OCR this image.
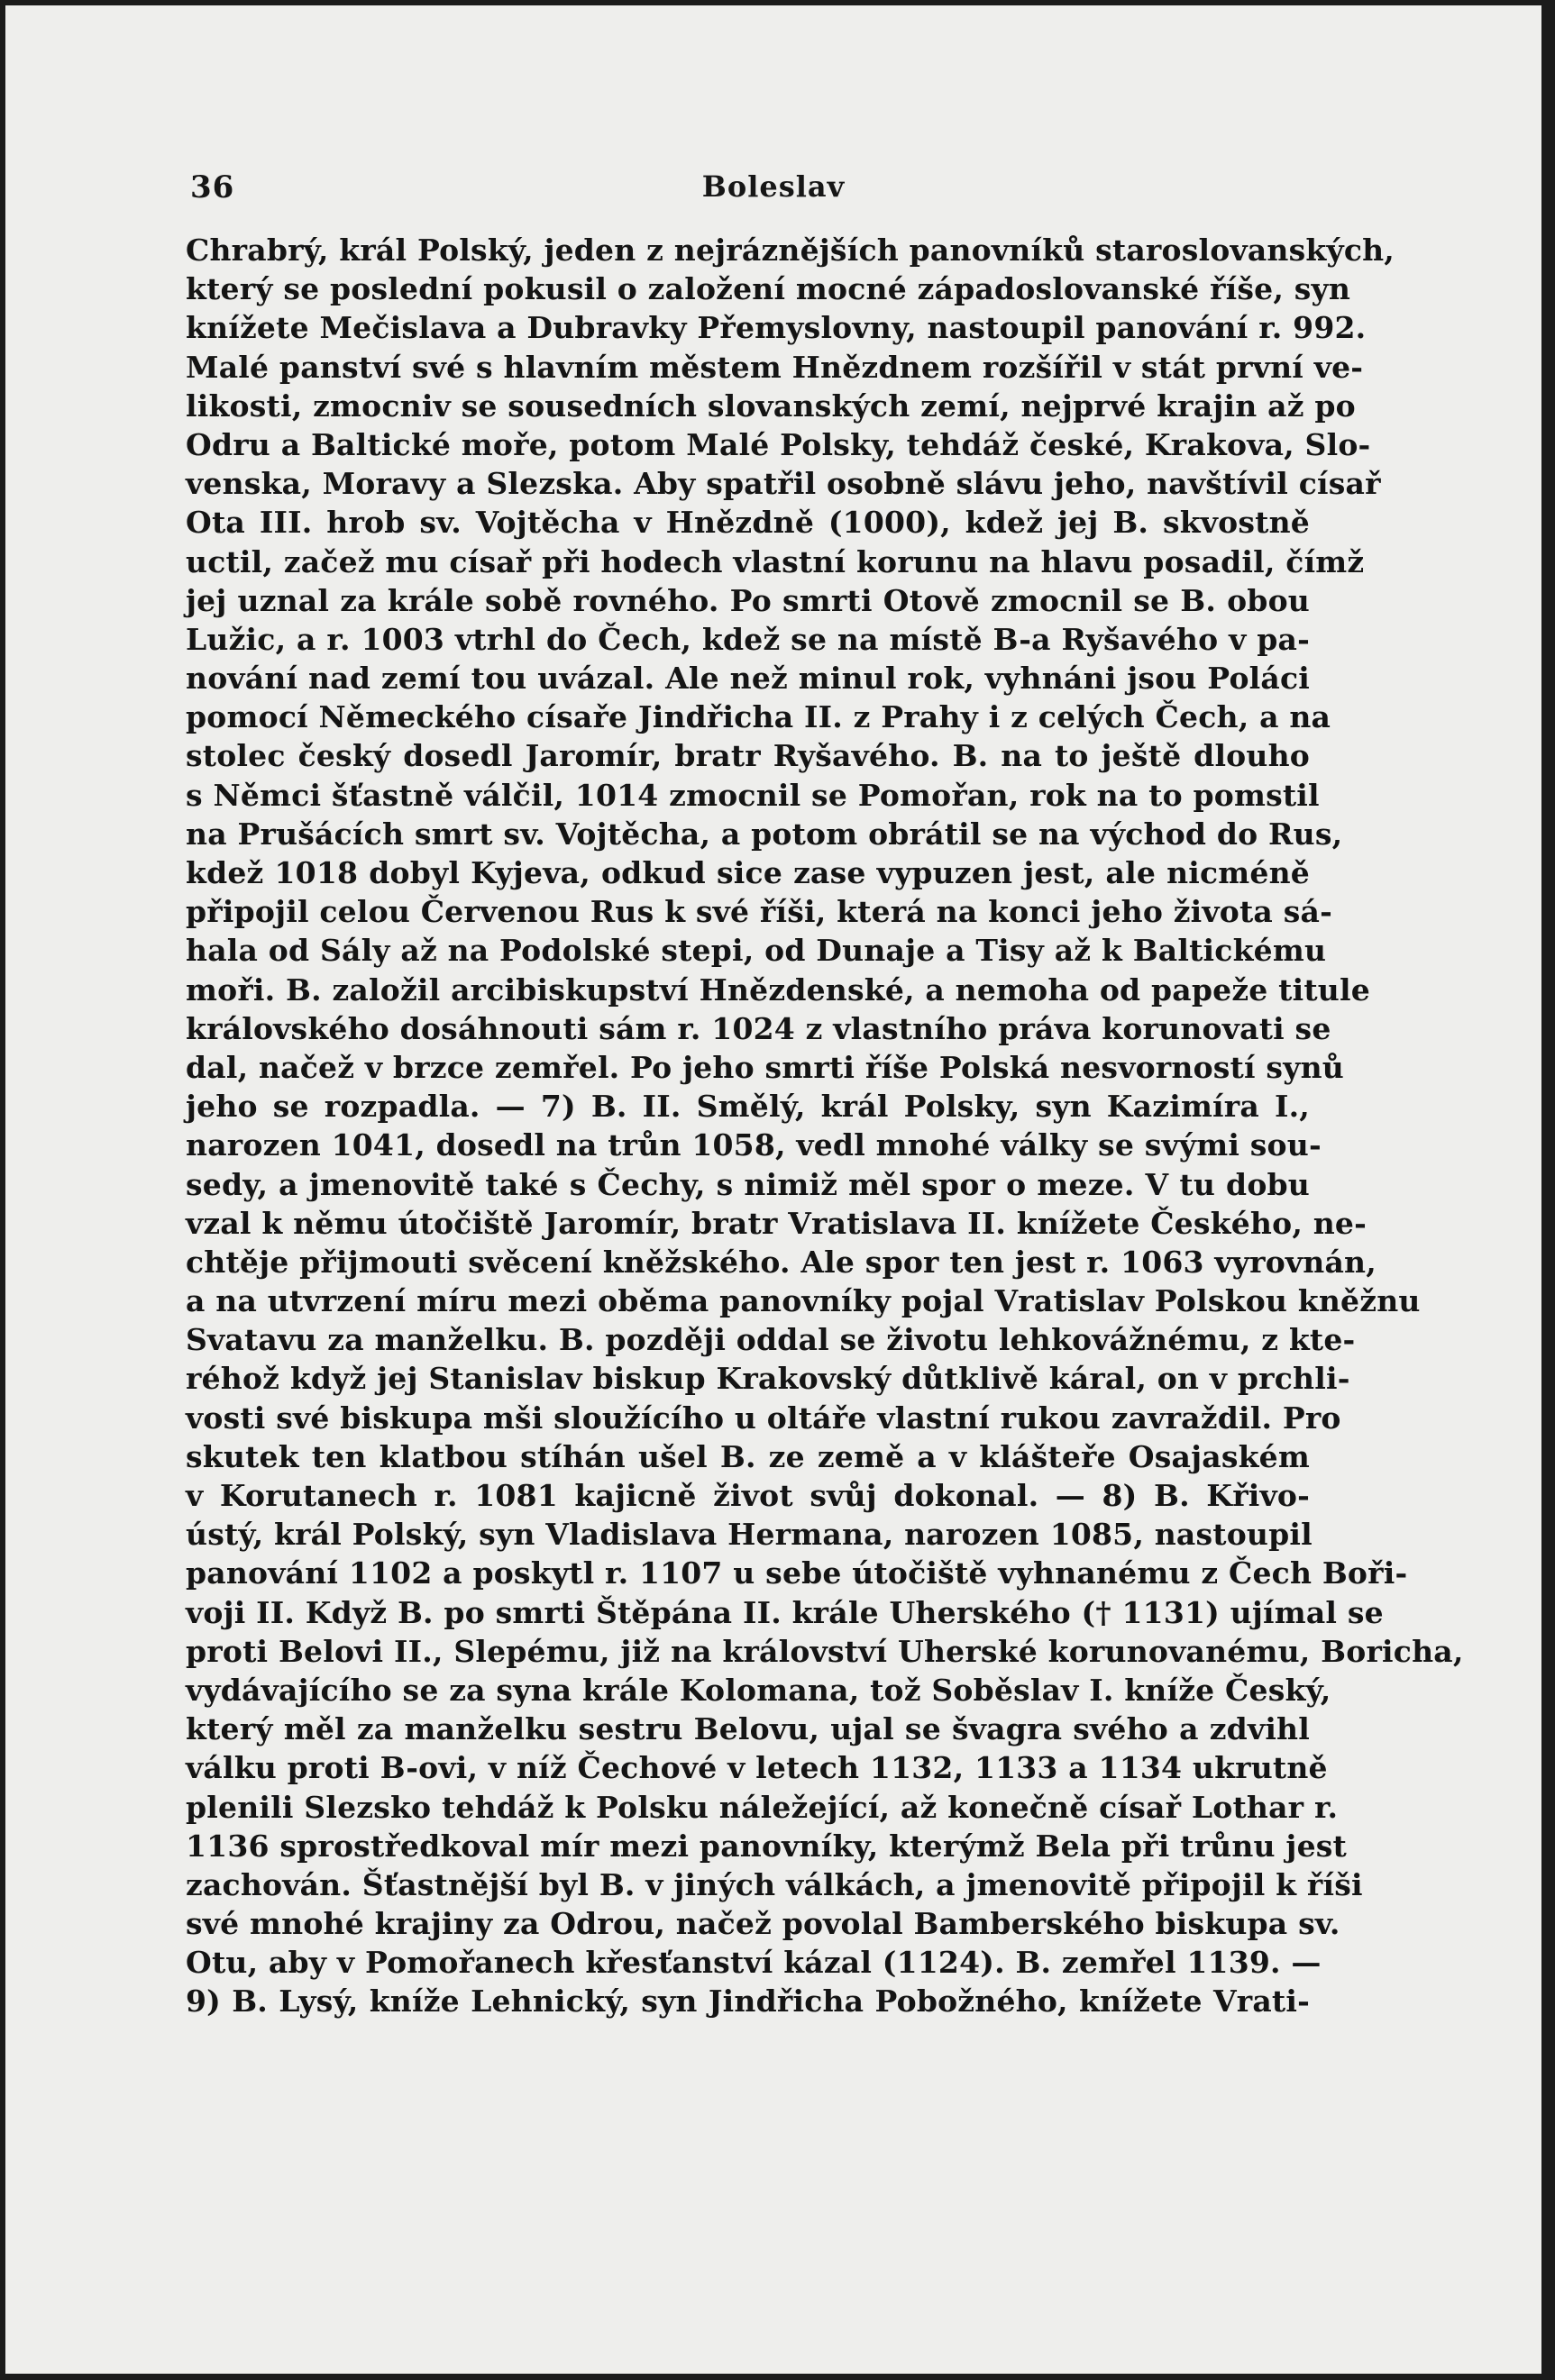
36	Boleslav
Chrabrý, král Polský, jeden z nejráznějších panovníků staroslovanských,
který se poslední pokusil o založení mocné západoslovanské říše, syn
knížete Mečislava a Dubravky Přemyslovny, nastoupil panování r. 992.
Malé panství své s hlavním městem Hnězdnem rozšířil v stát první ve-
likosti, zmocniv se sousedních slovanských zemí, nejprvé krajin až po
Odru a Baltické moře, potom Malé Polsky, tehdáž české, Krakova, Slo-
venska, Moravy a Slezska. Aby spatřil osobně slávu jeho, navštívil císař
Ota III. hrob sv. Vojtěcha v Hnězdně (1000), kdež jej B. skvostně
uctil, začež mu císař při hodech vlastní korunu na hlavu posadil, čímž
jej uznal za krále sobě rovného. Po smrti Otově zmocnil se B. obou
Lužic, a r. 1003 vtrhl do Čech, kdež se na místě B-a Ryšavého v pa-
nování nad zemí tou uvázal. Ale než minul rok, vyhnáni jsou Poláci
pomocí Německého císaře Jindřicha II. z Prahy i z celých Čech, a na
stolec český dosedl Jaromír, bratr Ryšavého. B. na to ještě dlouho
s Němci šťastně válčil, 1014 zmocnil se Pomořan, rok na to pomstil
na Prušácích smrt sv. Vojtěcha, a potom obrátil se na východ do Rus,
kdež 1018 dobyl Kyjeva, odkud sice zase vypuzen jest, ale nicméně
připojil celou Červenou Rus k své říši, která na konci jeho života sá-
hala od Sály až na Podolské stepi, od Dunaje a Tisy až k Baltickému
moři. B. založil arcibiskupství Hnězdenské, a nemoha od papeže titule
královského dosáhnouti sám r. 1024 z vlastního práva korunovati se
dal, načež v brzce zemřel. Po jeho smrti říše Polská nesvorností synů
jeho se rozpadla. — 7) B. II. Smělý, král Polsky, syn Kazimíra I.,
narozen 1041, dosedl na trůn 1058, vedl mnohé války se svými sou-
sedy, a jmenovitě také s Čechy, s nimiž měl spor o meze. V tu dobu
vzal k němu útočiště Jaromír, bratr Vratislava II. knížete Českého, ne-
chtěje přijmouti svěcení kněžského. Ale spor ten jest r. 1063 vyrovnán,
a na utvrzení míru mezi oběma panovníky pojal Vratislav Polskou kněžnu
Svatavu za manželku. B. později oddal se životu lehkovážnému, z kte-
réhož když jej Stanislav biskup Krakovský důtklivě káral, on v prchli-
vosti své biskupa mši sloužícího u oltáře vlastní rukou zavraždil. Pro
skutek ten klatbou stíhán ušel B. ze země a v klášteře Osajaském
v Korutanech r. 1081 kajicně život svůj dokonal. — 8) B. Křivo-
ústý, král Polský, syn Vladislava Hermana, narozen 1085, nastoupil
panování 1102 a poskytl r. 1107 u sebe útočiště vyhnanému z Čech Boři-
voji II. Když B. po smrti Štěpána II. krále Uherského († 1131) ujímal se
proti Belovi II., Slepému, již na království Uherské korunovanému, Boricha,
vydávajícího se za syna krále Kolomana, tož Soběslav I. kníže Český,
který měl za manželku sestru Belovu, ujal se švagra svého a zdvihl
válku proti B-ovi, v níž Čechové v letech 1132, 1133 a 1134 ukrutně
plenili Slezsko tehdáž k Polsku náležející, až konečně císař Lothar r.
1136 sprostředkoval mír mezi panovníky, kterýmž Bela při trůnu jest
zachován. Šťastnější byl B. v jiných válkách, a jmenovitě připojil k říši
své mnohé krajiny za Odrou, načež povolal Bamberského biskupa sv.
Otu, aby v Pomořanech křesťanství kázal (1124). B. zemřel 1139. —
9) B. Lysý, kníže Lehnický, syn Jindřicha Pobožného, knížete Vrati-
